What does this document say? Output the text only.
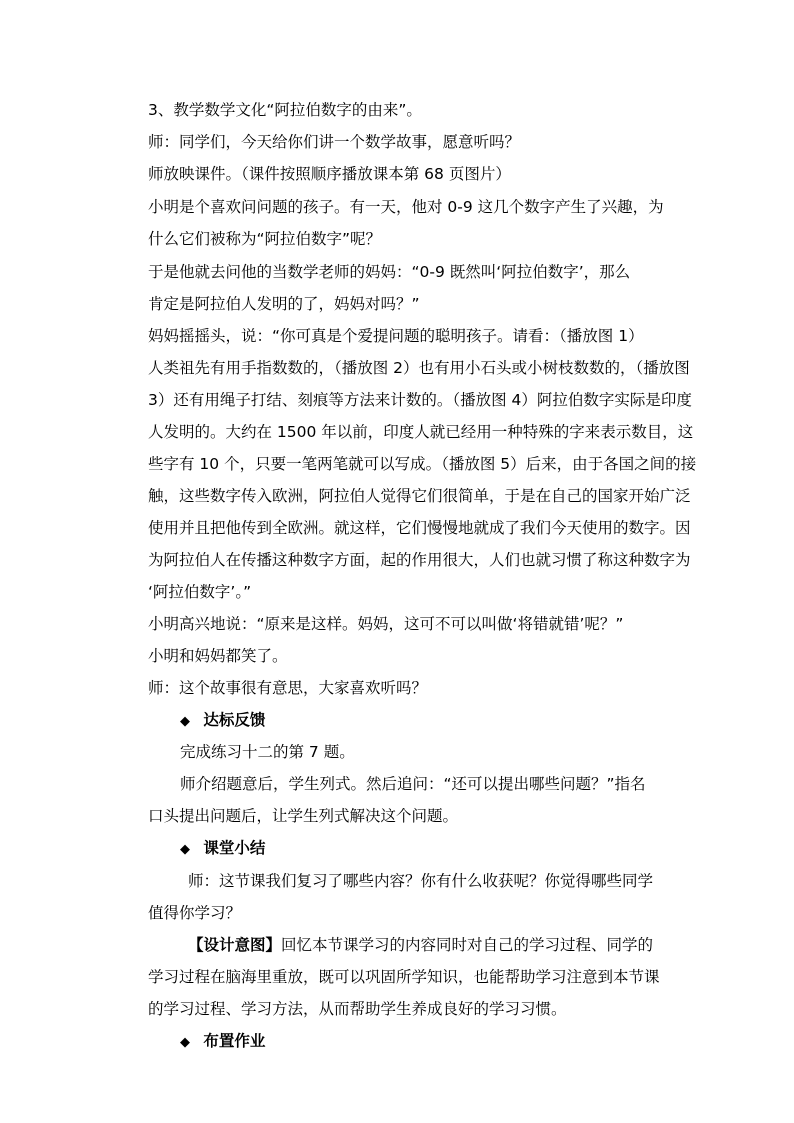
3、教学数学文化“阿拉伯数字的由来”。
师：同学们，今天给你们讲一个数学故事，愿意听吗？
师放映课件。（课件按照顺序播放课本第 68 页图片）
小明是个喜欢问问题的孩子。有一天，他对 0-9 这几个数字产生了兴趣，为
什么它们被称为“阿拉伯数字”呢？
于是他就去问他的当数学老师的妈妈：“0-9 既然叫‘阿拉伯数字’，那么
肯定是阿拉伯人发明的了，妈妈对吗？”
妈妈摇摇头，说：“你可真是个爱提问题的聪明孩子。请看：（播放图 1）
人类祖先有用手指数数的，（播放图 2）也有用小石头或小树枝数数的，（播放图
3）还有用绳子打结、刻痕等方法来计数的。（播放图 4）阿拉伯数字实际是印度
人发明的。大约在 1500 年以前，印度人就已经用一种特殊的字来表示数目，这
些字有 10 个，只要一笔两笔就可以写成。（播放图 5）后来，由于各国之间的接
触，这些数字传入欧洲，阿拉伯人觉得它们很简单，于是在自己的国家开始广泛
使用并且把他传到全欧洲。就这样，它们慢慢地就成了我们今天使用的数字。因
为阿拉伯人在传播这种数字方面，起的作用很大，人们也就习惯了称这种数字为
‘阿拉伯数字’。”
小明高兴地说：“原来是这样。妈妈，这可不可以叫做‘将错就错’呢？”
小明和妈妈都笑了。
师：这个故事很有意思，大家喜欢听吗？
◆ 达标反馈
完成练习十二的第 7 题。
师介绍题意后，学生列式。然后追问：“还可以提出哪些问题？”指名
口头提出问题后，让学生列式解决这个问题。
◆ 课堂小结
师：这节课我们复习了哪些内容？你有什么收获呢？你觉得哪些同学
值得你学习？
【设计意图】回忆本节课学习的内容同时对自己的学习过程、同学的
学习过程在脑海里重放，既可以巩固所学知识，也能帮助学习注意到本节课
的学习过程、学习方法，从而帮助学生养成良好的学习习惯。
◆ 布置作业
